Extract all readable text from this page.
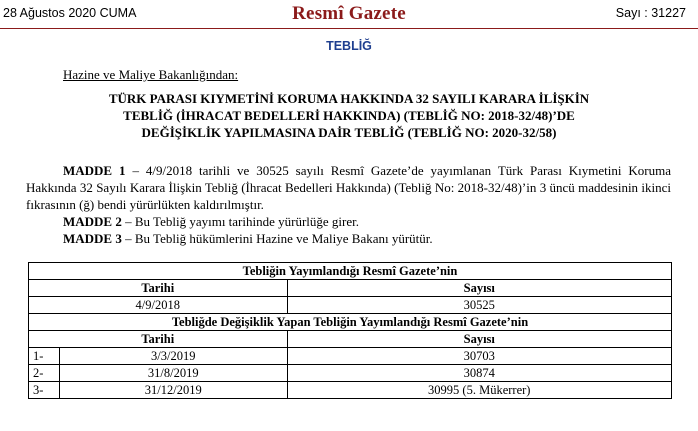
28 Ağustos 2020 CUMA	Resmî Gazete	Sayı : 31227
TEBLİĞ
Hazine ve Maliye Bakanlığından:
TÜRK PARASI KIYMETİNİ KORUMA HAKKINDA 32 SAYILI KARARA İLİŞKİN
TEBLİĞ (İHRACAT BEDELLERİ HAKKINDA) (TEBLİĞ NO: 2018-32/48)’DE
DEĞİŞİKLİK YAPILMASINA DAİR TEBLİĞ (TEBLİĞ NO: 2020-32/58)
MADDE 1 – 4/9/2018 tarihli ve 30525 sayılı Resmî Gazete’de yayımlanan Türk Parası Kıymetini Koruma Hakkında 32 Sayılı Karara İlişkin Tebliğ (İhracat Bedelleri Hakkında) (Tebliğ No: 2018-32/48)’in 3 üncü maddesinin ikinci fıkrasının (ğ) bendi yürürlükten kaldırılmıştır.
MADDE 2 – Bu Tebliğ yayımı tarihinde yürürlüğe girer.
MADDE 3 – Bu Tebliğ hükümlerini Hazine ve Maliye Bakanı yürütür.
Tebliğin Yayımlandığı Resmî Gazete’nin		
Tarihi		Sayısı
4/9/2018		30525
Tebliğde Değişiklik Yapan Tebliğin Yayımlandığı Resmî Gazete’nin		
Tarihi		Sayısı
1-	3/3/2019	30703
2-	31/8/2019	30874
3-	31/12/2019	30995 (5. Mükerrer)
